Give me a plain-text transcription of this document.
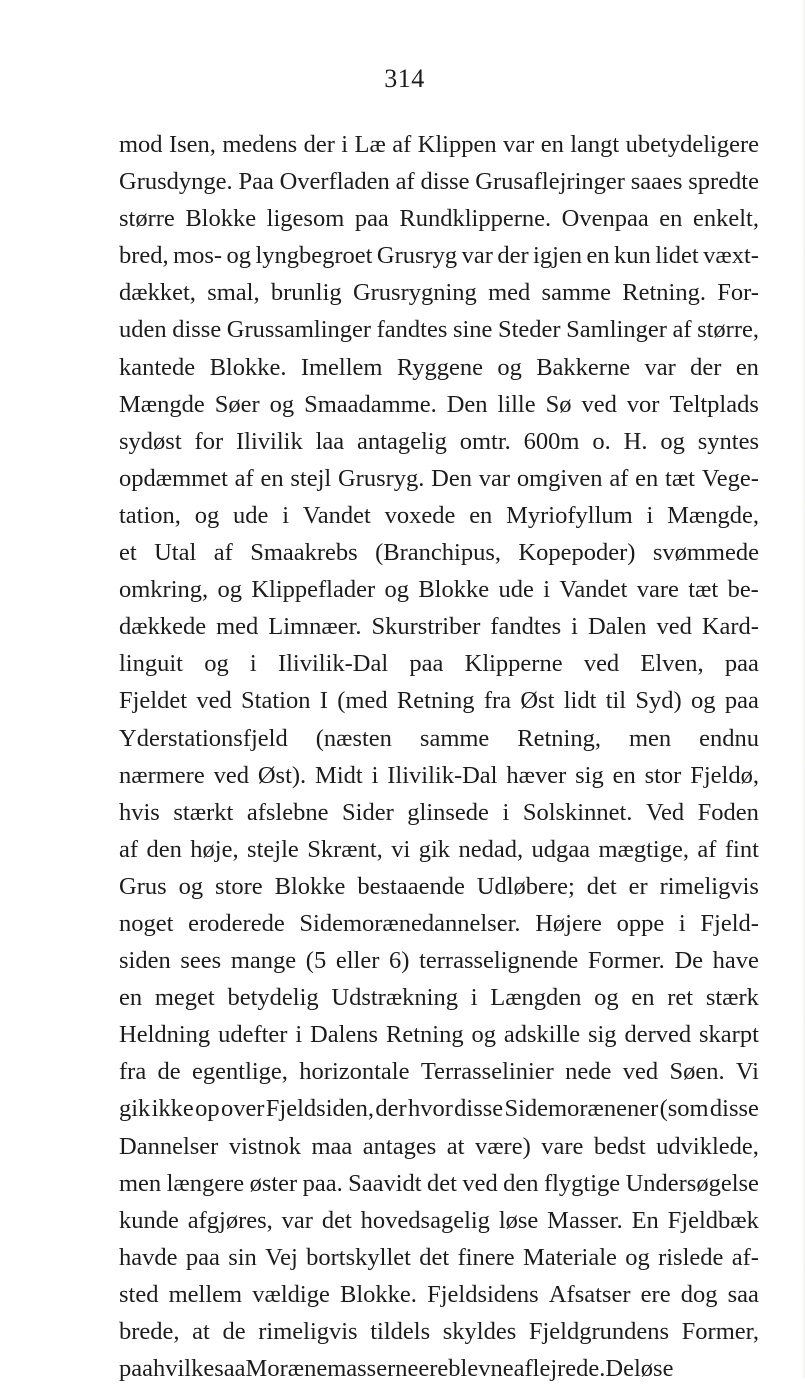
314
mod Isen, medens der i Læ af Klippen var en langt ubetydeligere
Grusdynge. Paa Overfladen af disse Grusaflejringer saaes spredte
større Blokke ligesom paa Rundklipperne. Ovenpaa en enkelt,
bred, mos- og lyngbegroet Grusryg var der igjen en kun lidet væxt-
dækket, smal, brunlig Grusrygning med samme Retning. For-
uden disse Grussamlinger fandtes sine Steder Samlinger af større,
kantede Blokke. Imellem Ryggene og Bakkerne var der en
Mængde Søer og Smaadamme. Den lille Sø ved vor Teltplads
sydøst for Ilivilik laa antagelig omtr. 600m o. H. og syntes
opdæmmet af en stejl Grusryg. Den var omgiven af en tæt Vege-
tation, og ude i Vandet voxede en Myriofyllum i Mængde,
et Utal af Smaakrebs (Branchipus, Kopepoder) svømmede
omkring, og Klippeflader og Blokke ude i Vandet vare tæt be-
dækkede med Limnæer. Skurstriber fandtes i Dalen ved Kard-
linguit og i Ilivilik-Dal paa Klipperne ved Elven, paa
Fjeldet ved Station I (med Retning fra Øst lidt til Syd) og paa
Yderstationsfjeld (næsten samme Retning, men endnu
nærmere ved Øst). Midt i Ilivilik-Dal hæver sig en stor Fjeldø,
hvis stærkt afslebne Sider glinsede i Solskinnet. Ved Foden
af den høje, stejle Skrænt, vi gik nedad, udgaa mægtige, af fint
Grus og store Blokke bestaaende Udløbere; det er rimeligvis
noget eroderede Sidemorænedannelser. Højere oppe i Fjeld-
siden sees mange (5 eller 6) terrasselignende Former. De have
en meget betydelig Udstrækning i Længden og en ret stærk
Heldning udefter i Dalens Retning og adskille sig derved skarpt
fra de egentlige, horizontale Terrasselinier nede ved Søen. Vi
gik ikke op over Fjeldsiden, der hvor disse Sidemorænener (som disse
Dannelser vistnok maa antages at være) vare bedst udviklede,
men længere øster paa. Saavidt det ved den flygtige Undersøgelse
kunde afgjøres, var det hovedsagelig løse Masser. En Fjeldbæk
havde paa sin Vej bortskyllet det finere Materiale og rislede af-
sted mellem vældige Blokke. Fjeldsidens Afsatser ere dog saa
brede, at de rimeligvis tildels skyldes Fjeldgrundens Former,
paa hvilke saa Morænemasserne ere blevne aflejrede. De løse
